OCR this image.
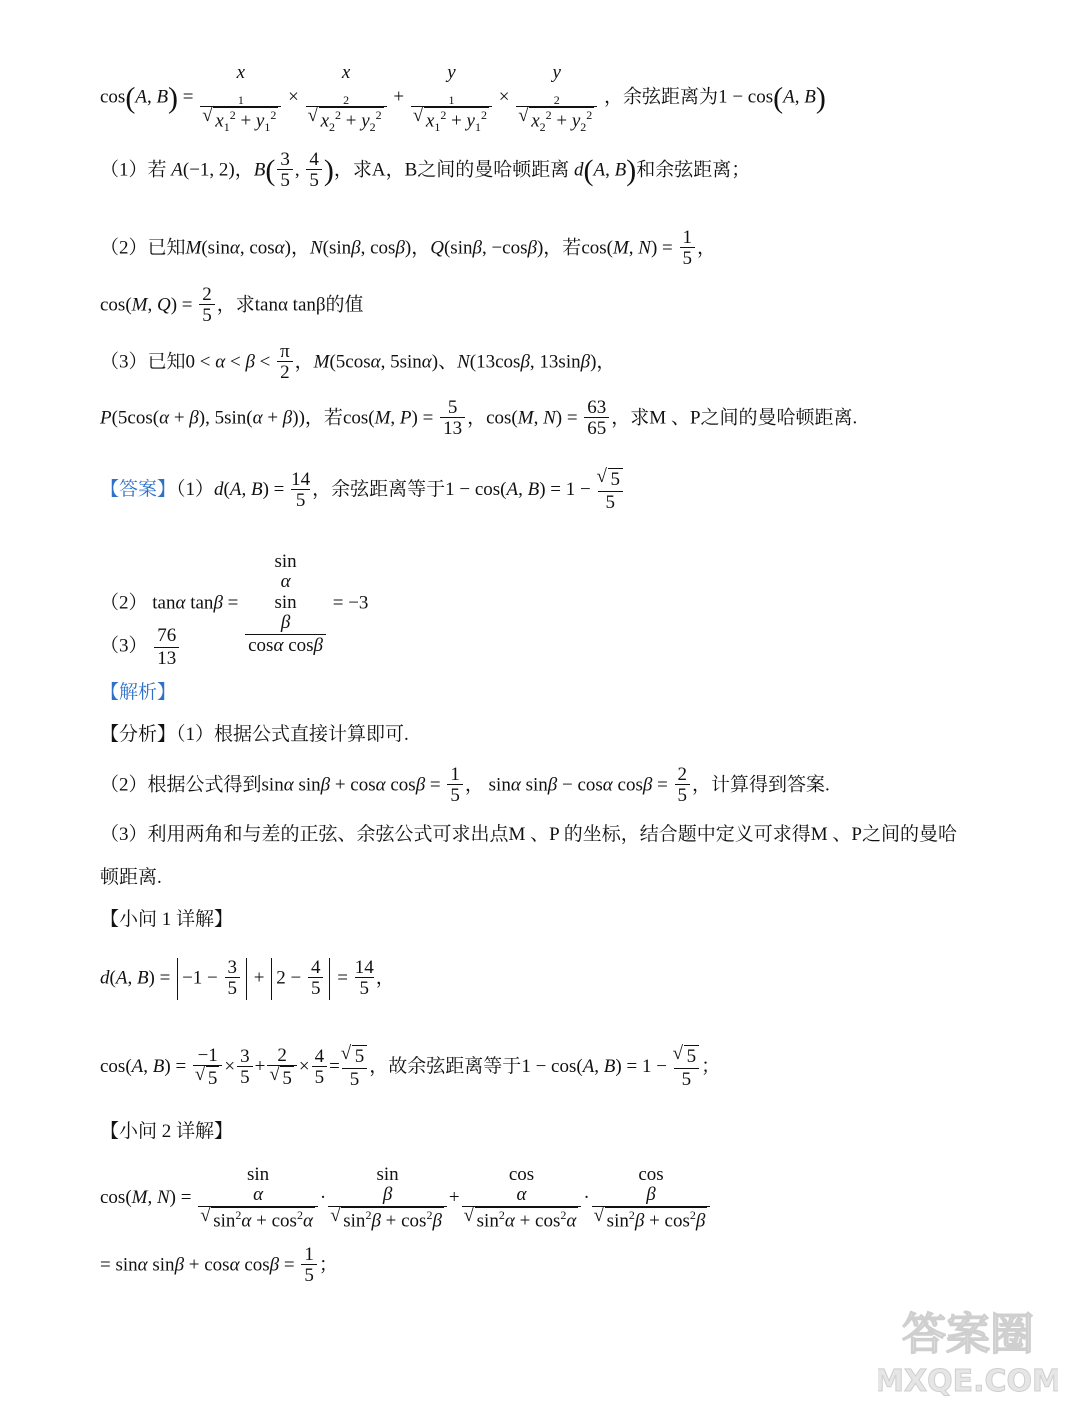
cos(A, B) =
x
$_1$
√ $x_1^2 + y_1^2$
×
x
$_2$
√ $x_2^2 + y_2^2$
+
y
$_1$
√ $x_1^2 + y_1^2$
×
y
$_2$
√ $x_2^2 + y_2^2$
，余弦距离为1 − cos(A, B)
（1）若 A(−1, 2)，B( 3
5
, 4
5 )，求A，B之间的曼哈顿距离 d(A, B)和余弦距离；
（2）已知M(sinα, cosα)，N(sinβ, cosβ)，Q(sinβ, −cosβ)，若cos(M, N) = 1
5
，
cos(M, Q) = 2
5
，求tanα tanβ的值
（3）已知0 < α < β < π
2
，M(5cosα, 5sinα)、N(13cosβ, 13sinβ)，
P(5cos(α + β), 5sin(α + β))，若cos(M, P) = 5
13
，cos(M, N) = 63
65
，求M 、P之间的曼哈顿距离.
【答案】（1）d(A, B) = 14
5
，余弦距离等于1 − cos(A, B) = 1 − √ $\frac{5}{5}$
（2） tanα tanβ = sin
α
sin
β
cosα cosβ
= −3
$(3) \frac{76}{13}$
【解析】
【分析】（1）根据公式直接计算即可.
（2）根据公式得到sinα sinβ + cosα cosβ = 1
5
， sinα sinβ − cosα cosβ = 2
5
，计算得到答案.
（3）利用两角和与差的正弦、余弦公式可求出点M 、P 的坐标，结合题中定义可求得M 、P之间的曼哈
顿距离.
【小问 1 详解】
d(A, B) = −1 − 3
5
+ 2 − 4
5
= 14
5
，
cos(A, B) = −1
√ 5
× 3
5
+2
√ 5
× 4
5
= √ $\frac{5}{5}$ ，故余弦距离等于1 − cos(A, B) = 1 − √ $\frac{5}{5}$ ；
【小问 2 详解】
cos(M, N) = sin
α
√ $\sin^2\alpha + \cos^2\alpha$
·sin
β
√ $\sin^2\beta + \cos^2\beta$
+cos
α
√ $\sin^2\alpha + \cos^2\alpha$
·cos
β
√ $\sin^2\beta + \cos^2\beta$
= sinα sinβ + cosα cosβ = 1
5
；
答案圈
MXQE.COM
